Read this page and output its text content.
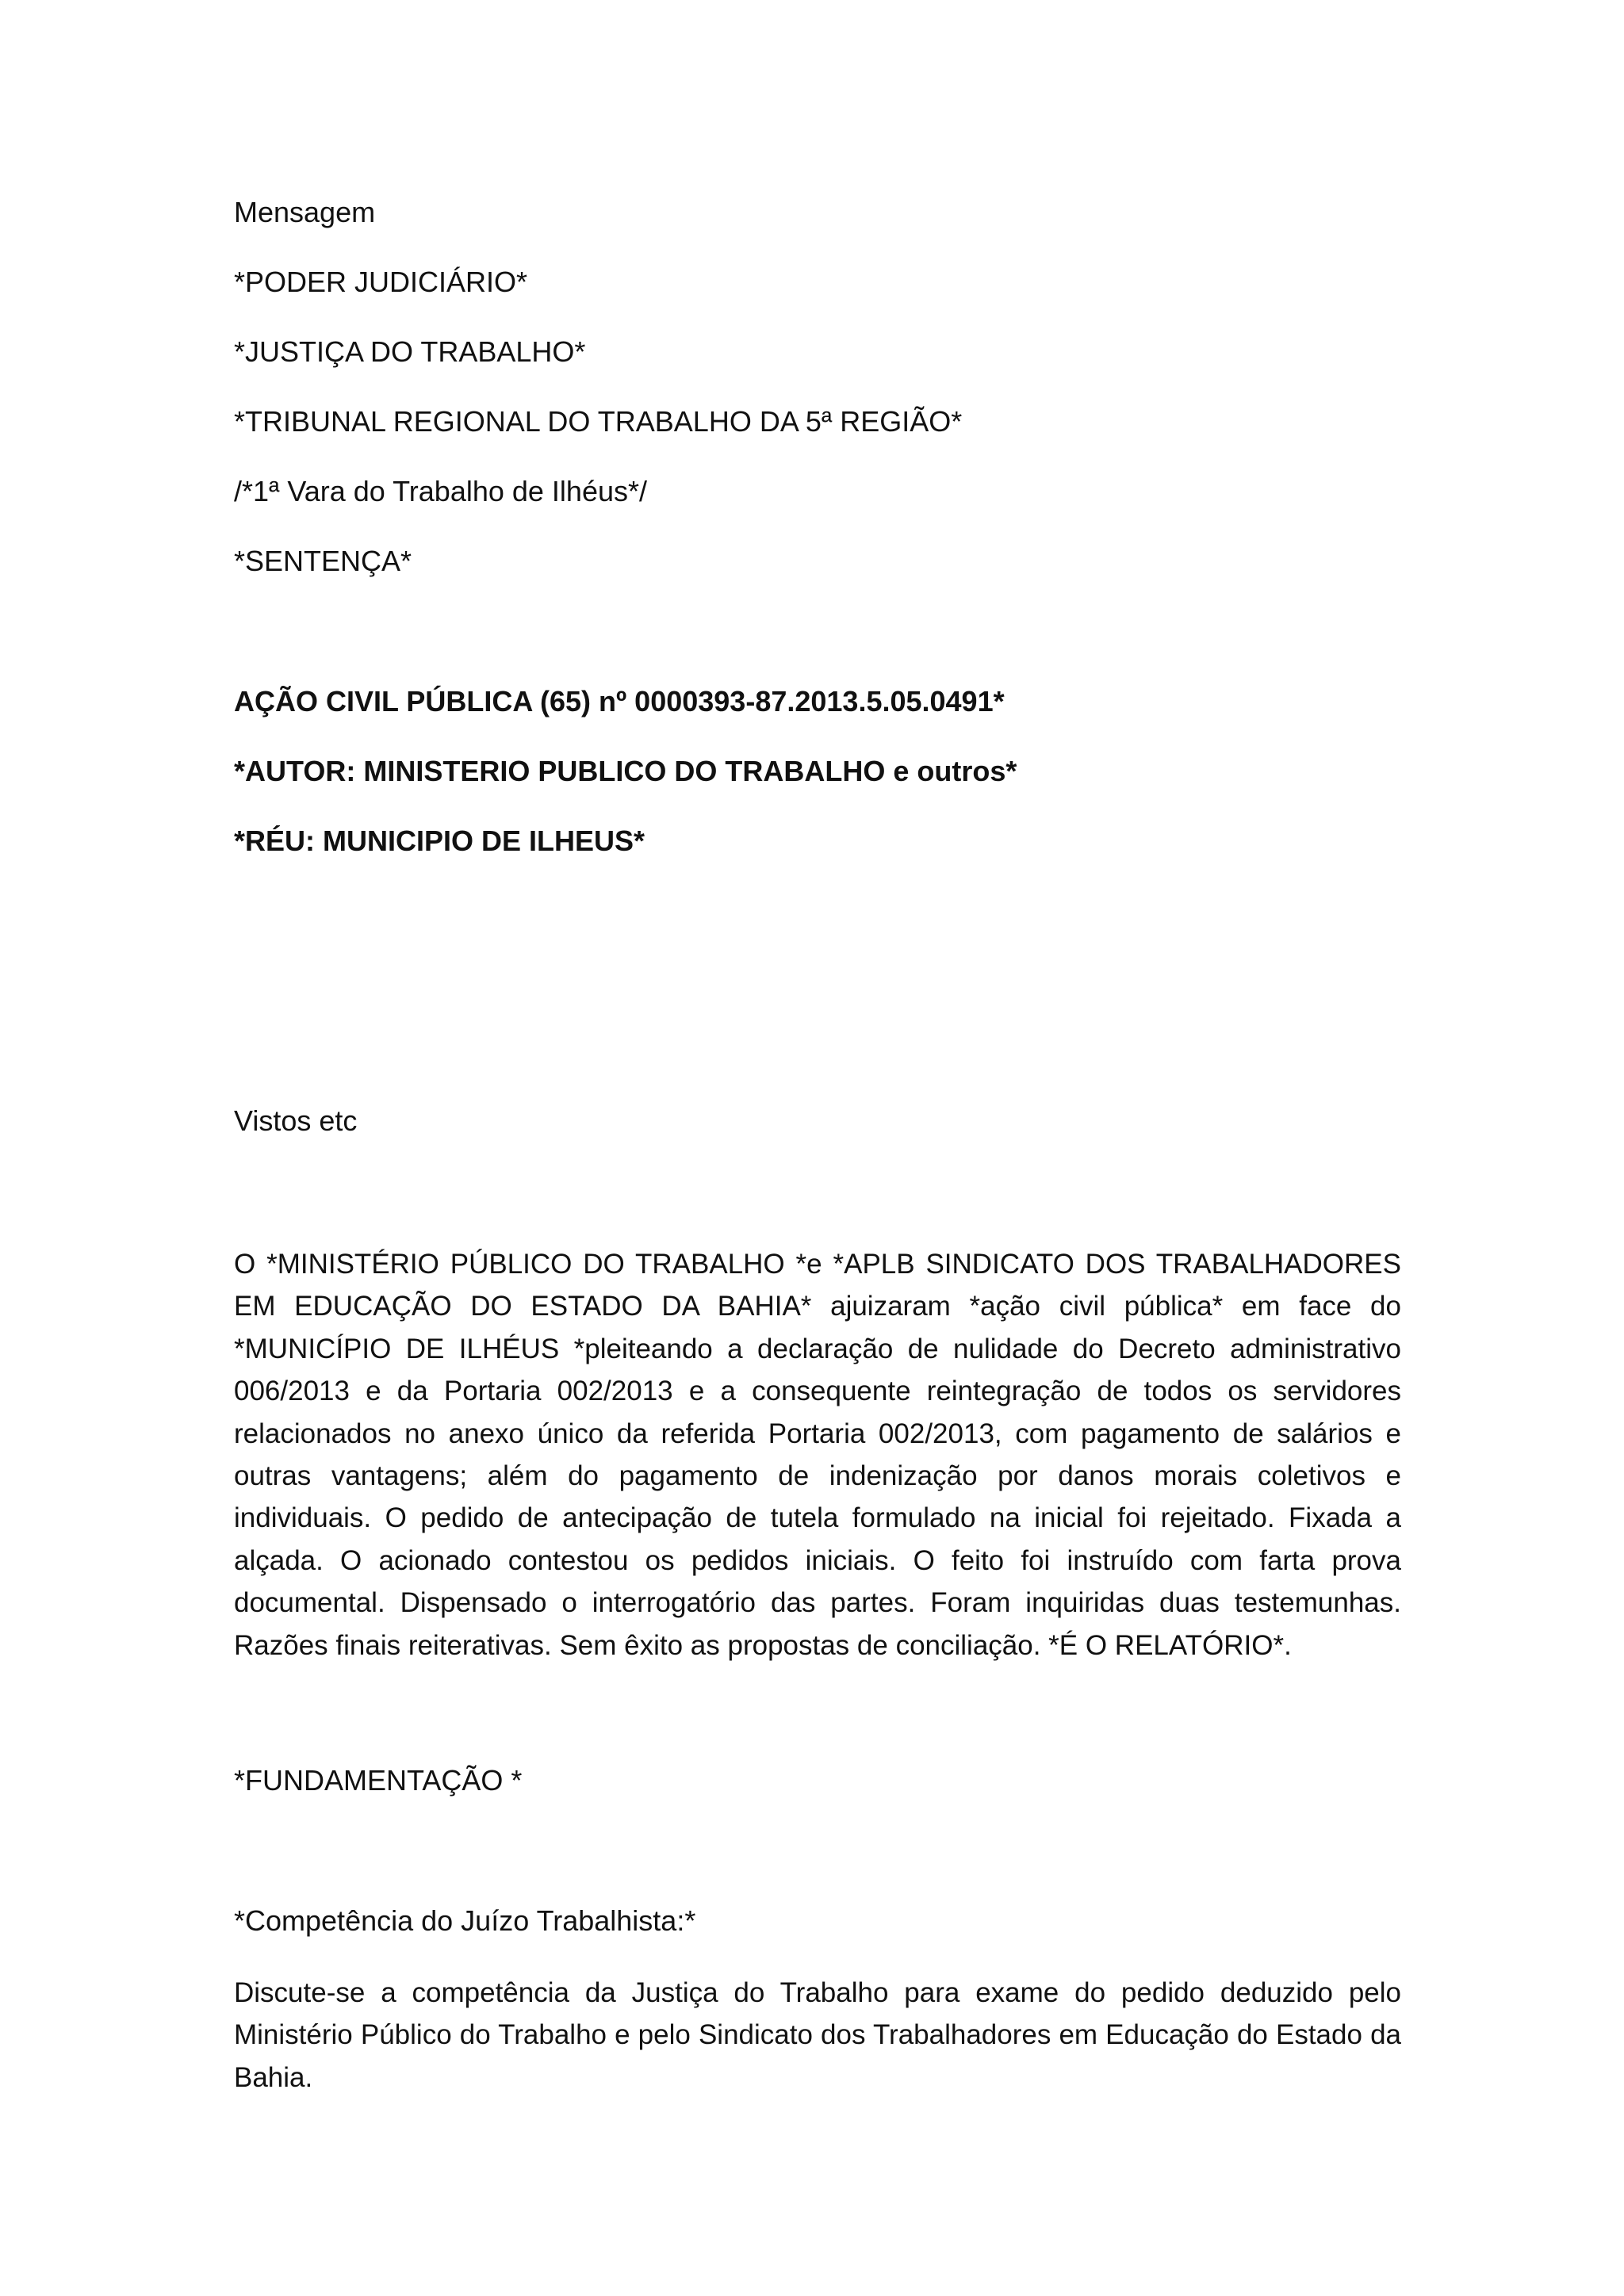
Mensagem
*PODER JUDICIÁRIO*
*JUSTIÇA DO TRABALHO*
*TRIBUNAL REGIONAL DO TRABALHO DA 5ª REGIÃO*
/*1ª Vara do Trabalho de Ilhéus*/
*SENTENÇA*
AÇÃO CIVIL PÚBLICA (65) nº 0000393-87.2013.5.05.0491*
*AUTOR: MINISTERIO PUBLICO DO TRABALHO e outros*
*RÉU: MUNICIPIO DE ILHEUS*
Vistos etc

O *MINISTÉRIO PÚBLICO DO TRABALHO *e *APLB SINDICATO DOS TRABALHADORES EM EDUCAÇÃO DO ESTADO DA BAHIA* ajuizaram *ação civil pública* em face do *MUNICÍPIO DE ILHÉUS *pleiteando a declaração de nulidade do Decreto administrativo 006/2013 e da Portaria 002/2013 e a consequente reintegração de todos os servidores relacionados no anexo único da referida Portaria 002/2013, com pagamento de salários e outras vantagens; além do pagamento de indenização por danos morais coletivos e individuais. O pedido de antecipação de tutela formulado na inicial foi rejeitado. Fixada a alçada. O acionado contestou os pedidos iniciais. O feito foi instruído com farta prova documental. Dispensado o interrogatório das partes. Foram inquiridas duas testemunhas. Razões finais reiterativas. Sem êxito as propostas de conciliação. *É O RELATÓRIO*.

*FUNDAMENTAÇÃO *
*Competência do Juízo Trabalhista:*

Discute-se a competência da Justiça do Trabalho para exame do pedido deduzido pelo Ministério Público do Trabalho e pelo Sindicato dos Trabalhadores em Educação do Estado da Bahia.
